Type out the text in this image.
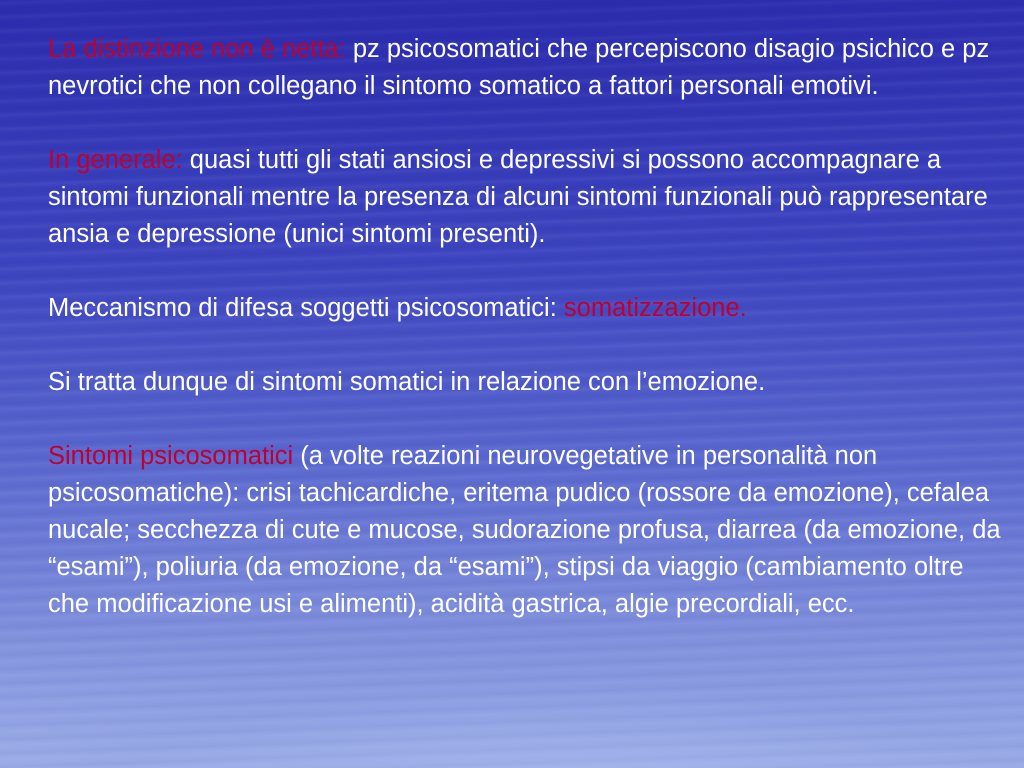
La distinzione non è netta: pz psicosomatici che percepiscono disagio psichico e pz nevrotici che non collegano il sintomo somatico a fattori personali emotivi.

In generale: quasi tutti gli stati ansiosi e depressivi si possono accompagnare a sintomi funzionali mentre la presenza di alcuni sintomi funzionali può rappresentare ansia e depressione (unici sintomi presenti).

Meccanismo di difesa soggetti psicosomatici: somatizzazione.

Si tratta dunque di sintomi somatici in relazione con l’emozione.

Sintomi psicosomatici (a volte reazioni neurovegetative in personalità non psicosomatiche): crisi tachicardiche, eritema pudico (rossore da emozione), cefalea nucale; secchezza di cute e mucose, sudorazione profusa, diarrea (da emozione, da “esami”), poliuria (da emozione, da “esami”), stipsi da viaggio (cambiamento oltre che modificazione usi e alimenti), acidità gastrica, algie precordiali, ecc.
